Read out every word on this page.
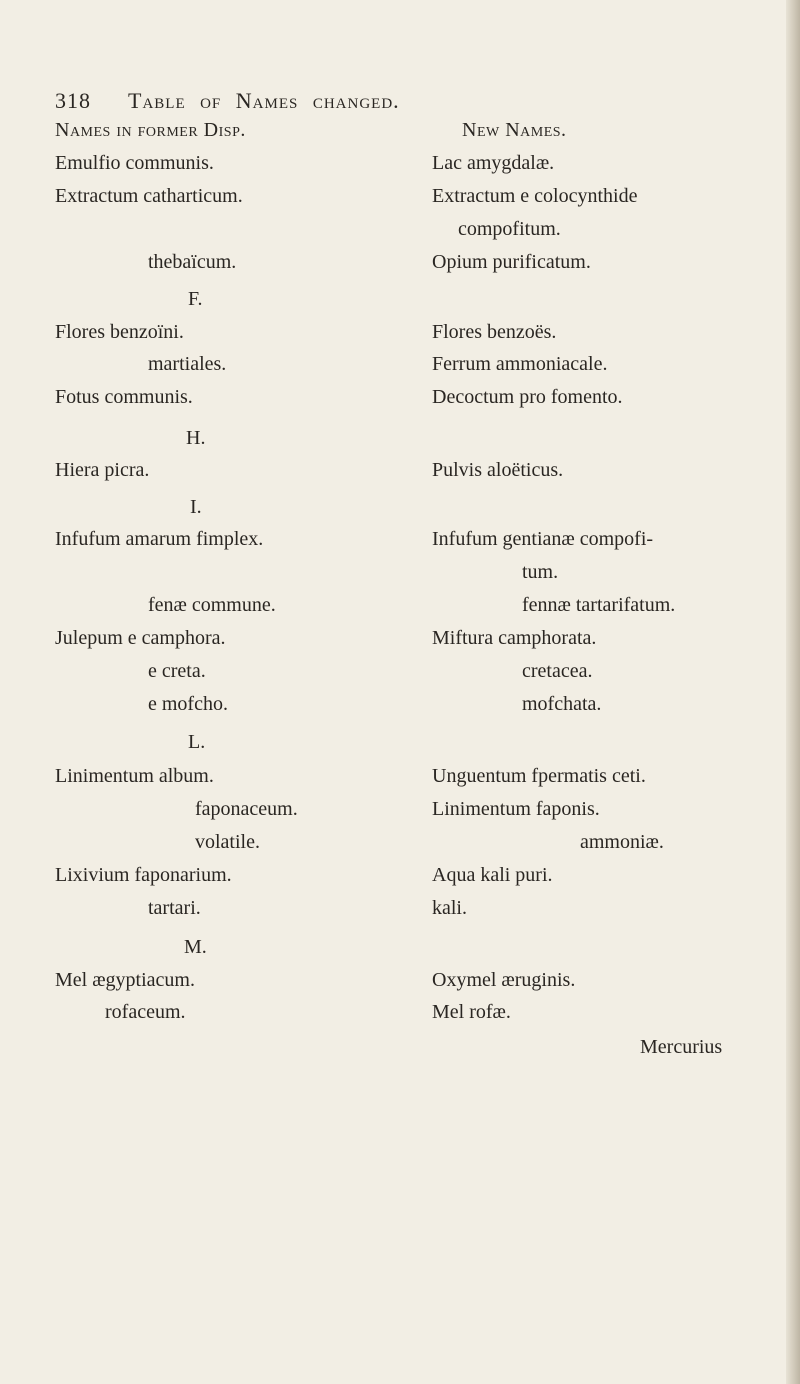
318 Table of Names changed.
Names in former Disp.	New Names.
Emulfio communis.	Lac amygdalæ.
Extractum catharticum.	Extractum e colocynthide
compofitum.
thebaïcum.	Opium purificatum.
F.
Flores benzoïni.	Flores benzoës.
martiales.	Ferrum ammoniacale.
Fotus communis.	Decoctum pro fomento.
H.
Hiera picra.	Pulvis aloëticus.
I.
Infufum amarum fimplex.	Infufum gentianæ compofi-
tum.
fenæ commune.	fennæ tartarifatum.
Julepum e camphora.	Miftura camphorata.
e creta.	cretacea.
e mofcho.	mofchata.
L.
Linimentum album.	Unguentum fpermatis ceti.
faponaceum.	Linimentum faponis.
volatile.	ammoniæ.
Lixivium faponarium.	Aqua kali puri.
tartari.	kali.
M.
Mel ægyptiacum.	Oxymel æruginis.
rofaceum.	Mel rofæ.
Mercurius
